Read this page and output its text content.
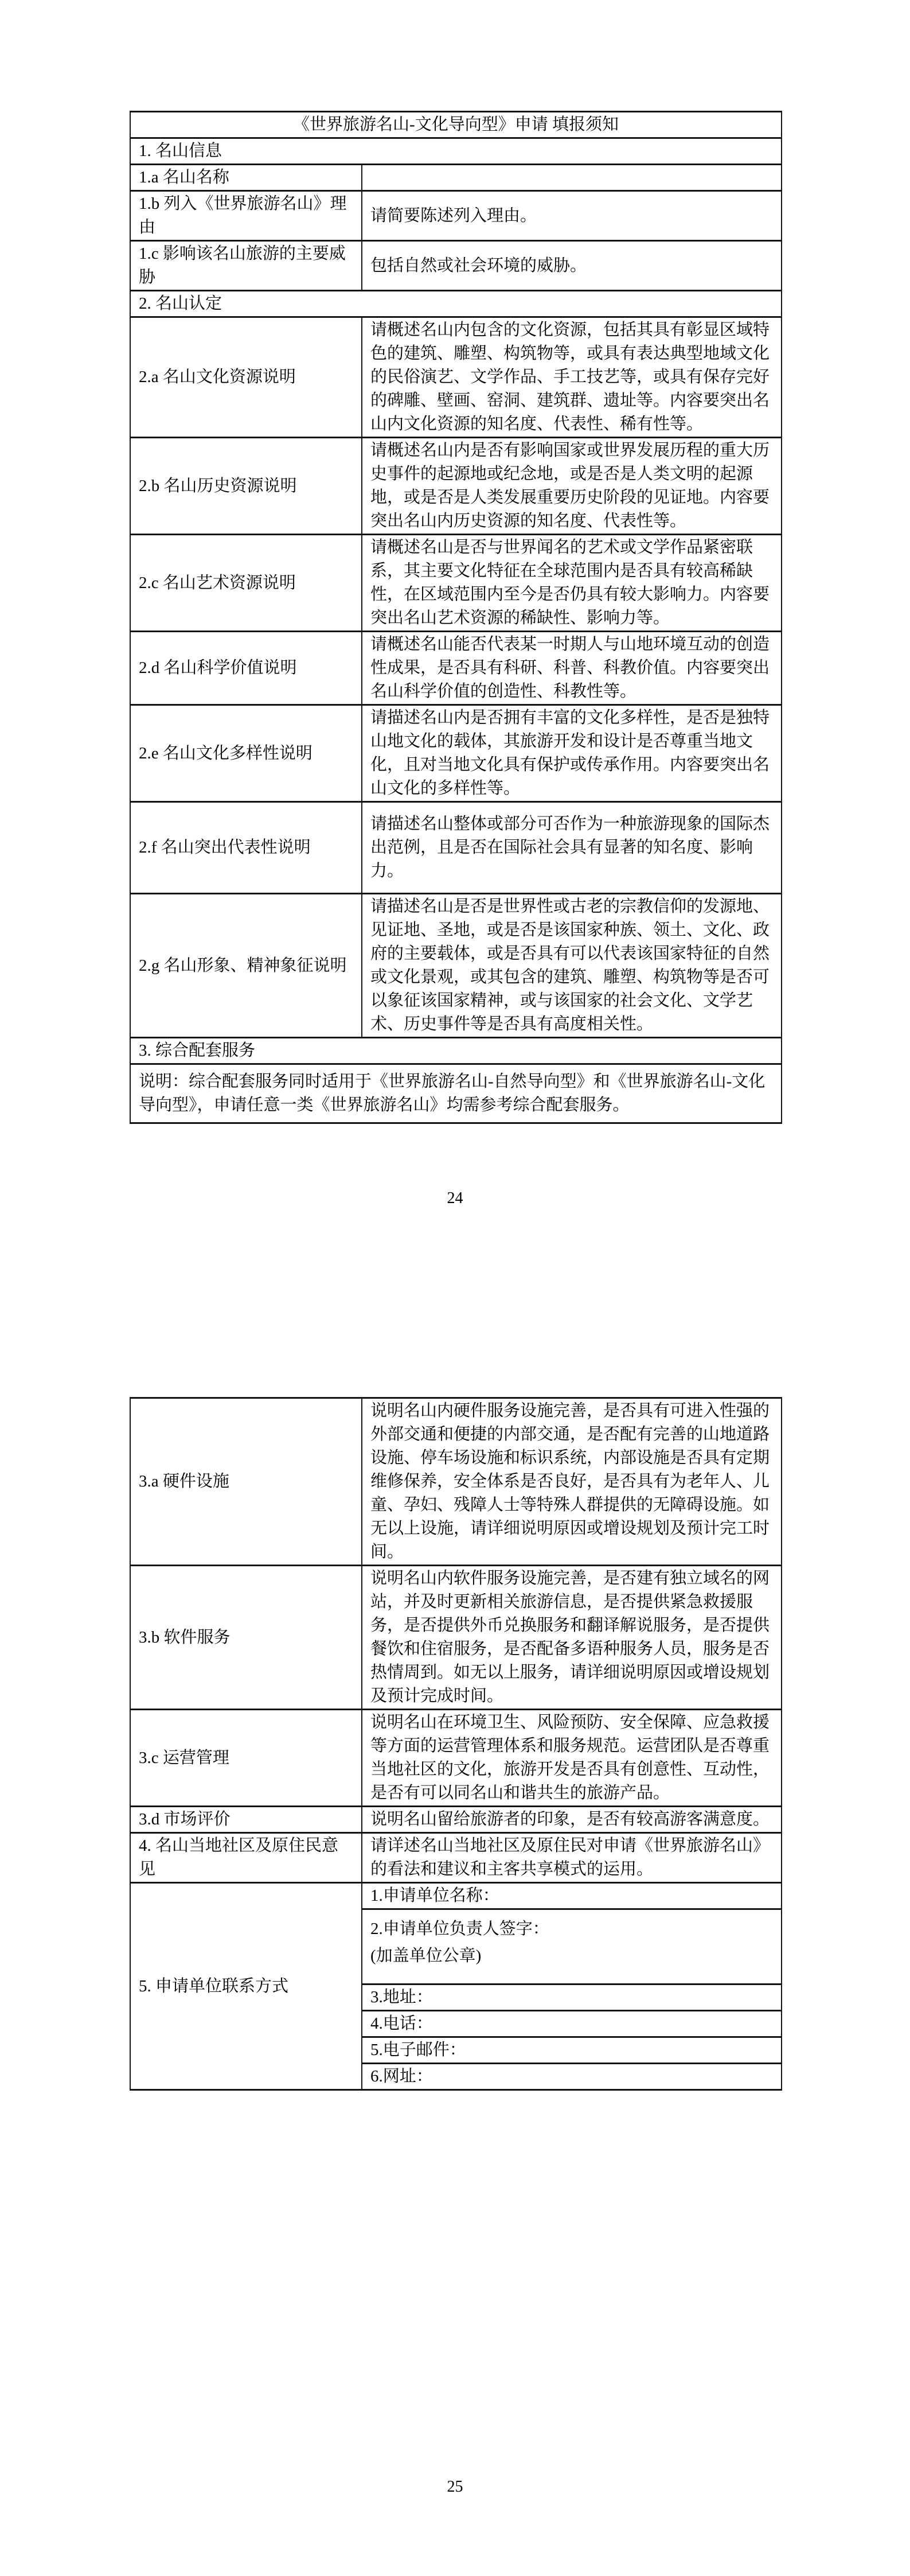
《世界旅游名山-文化导向型》申请 填报须知	
1. 名山信息	
1.a 名山名称	
1.b 列入《世界旅游名山》理由	请简要陈述列入理由。
1.c 影响该名山旅游的主要威胁	包括自然或社会环境的威胁。
2. 名山认定	
2.a 名山文化资源说明	请概述名山内包含的文化资源，包括其具有彰显区域特色的建筑、雕塑、构筑物等，或具有表达典型地域文化的民俗演艺、文学作品、手工技艺等，或具有保存完好的碑雕、壁画、窑洞、建筑群、遗址等。内容要突出名山内文化资源的知名度、代表性、稀有性等。
2.b 名山历史资源说明	请概述名山内是否有影响国家或世界发展历程的重大历史事件的起源地或纪念地，或是否是人类文明的起源地，或是否是人类发展重要历史阶段的见证地。内容要突出名山内历史资源的知名度、代表性等。
2.c 名山艺术资源说明	请概述名山是否与世界闻名的艺术或文学作品紧密联系，其主要文化特征在全球范围内是否具有较高稀缺性，在区域范围内至今是否仍具有较大影响力。内容要突出名山艺术资源的稀缺性、影响力等。
2.d 名山科学价值说明	请概述名山能否代表某一时期人与山地环境互动的创造性成果，是否具有科研、科普、科教价值。内容要突出名山科学价值的创造性、科教性等。
2.e 名山文化多样性说明	请描述名山内是否拥有丰富的文化多样性，是否是独特山地文化的载体，其旅游开发和设计是否尊重当地文化，且对当地文化具有保护或传承作用。内容要突出名山文化的多样性等。
2.f 名山突出代表性说明	请描述名山整体或部分可否作为一种旅游现象的国际杰出范例，且是否在国际社会具有显著的知名度、影响力。
2.g 名山形象、精神象征说明	请描述名山是否是世界性或古老的宗教信仰的发源地、见证地、圣地，或是否是该国家种族、领土、文化、政府的主要载体，或是否具有可以代表该国家特征的自然或文化景观，或其包含的建筑、雕塑、构筑物等是否可以象征该国家精神，或与该国家的社会文化、文学艺术、历史事件等是否具有高度相关性。
3. 综合配套服务	
说明：综合配套服务同时适用于《世界旅游名山-自然导向型》和《世界旅游名山-文化导向型》，申请任意一类《世界旅游名山》均需参考综合配套服务。	
24
3.a 硬件设施	说明名山内硬件服务设施完善，是否具有可进入性强的外部交通和便捷的内部交通，是否配有完善的山地道路设施、停车场设施和标识系统，内部设施是否具有定期维修保养，安全体系是否良好，是否具有为老年人、儿童、孕妇、残障人士等特殊人群提供的无障碍设施。如无以上设施，请详细说明原因或增设规划及预计完工时间。
3.b 软件服务	说明名山内软件服务设施完善，是否建有独立域名的网站，并及时更新相关旅游信息，是否提供紧急救援服务，是否提供外币兑换服务和翻译解说服务，是否提供餐饮和住宿服务，是否配备多语种服务人员，服务是否热情周到。如无以上服务，请详细说明原因或增设规划及预计完成时间。
3.c 运营管理	说明名山在环境卫生、风险预防、安全保障、应急救援等方面的运营管理体系和服务规范。运营团队是否尊重当地社区的文化，旅游开发是否具有创意性、互动性，是否有可以同名山和谐共生的旅游产品。
3.d 市场评价	说明名山留给旅游者的印象，是否有较高游客满意度。
4. 名山当地社区及原住民意见	请详述名山当地社区及原住民对申请《世界旅游名山》的看法和建议和主客共享模式的运用。
5. 申请单位联系方式	1.申请单位名称：

	2.申请单位负责人签字：
(加盖单位公章)

	3.地址：

	4.电话：

	5.电子邮件：

	6.网址：
25
